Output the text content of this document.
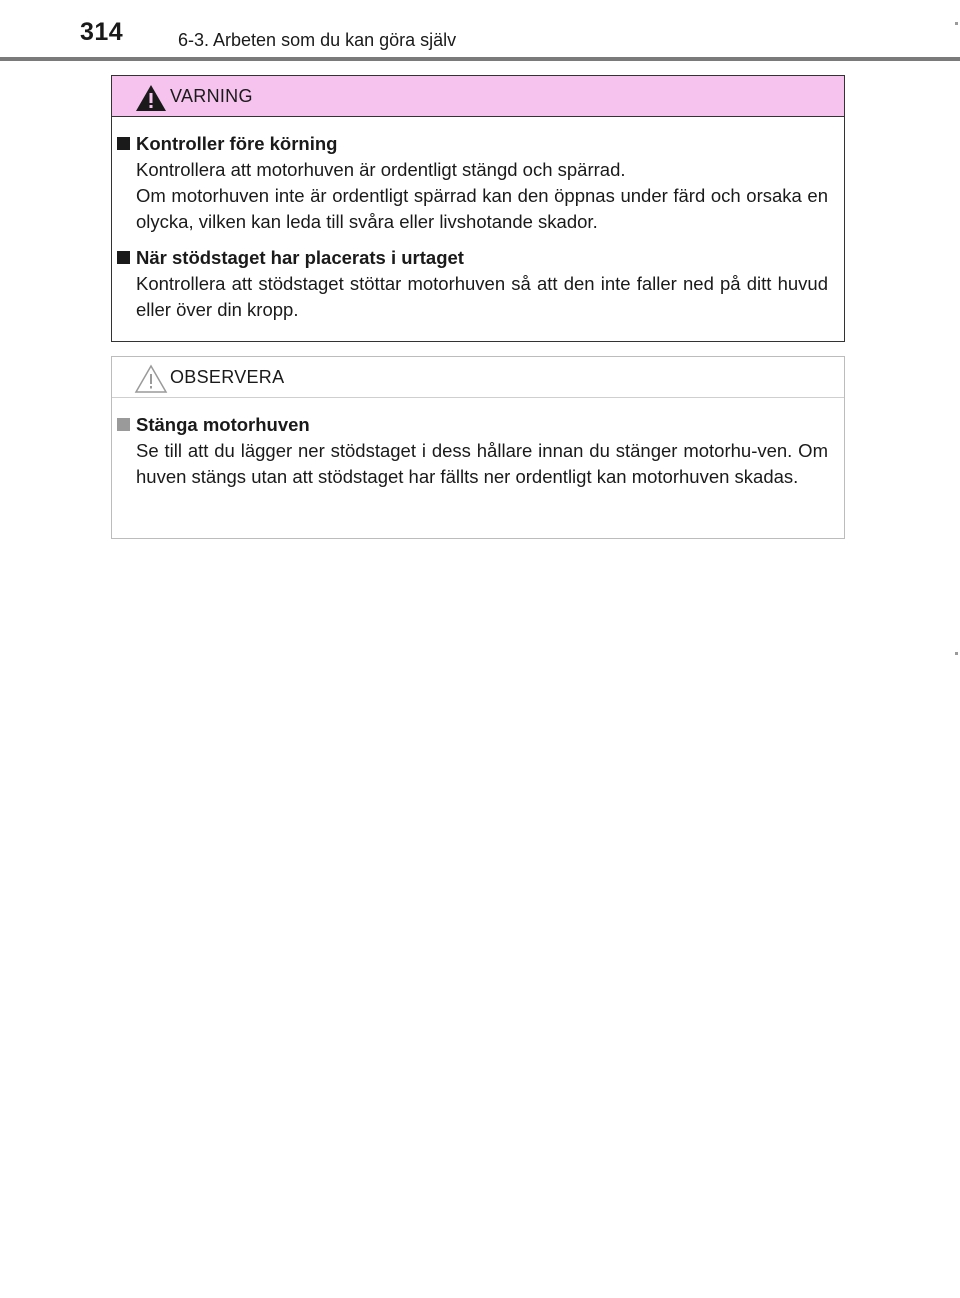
314	6-3. Arbeten som du kan göra själv
VARNING
Kontroller före körning

Kontrollera att motorhuven är ordentligt stängd och spärrad.

Om motorhuven inte är ordentligt spärrad kan den öppnas under färd och orsaka en olycka, vilken kan leda till svåra eller livshotande skador.

När stödstaget har placerats i urtaget

Kontrollera att stödstaget stöttar motorhuven så att den inte faller ned på ditt huvud eller över din kropp.

OBSERVERA
Stänga motorhuven

Se till att du lägger ner stödstaget i dess hållare innan du stänger motorhu-ven. Om huven stängs utan att stödstaget har fällts ner ordentligt kan motorhuven skadas.
